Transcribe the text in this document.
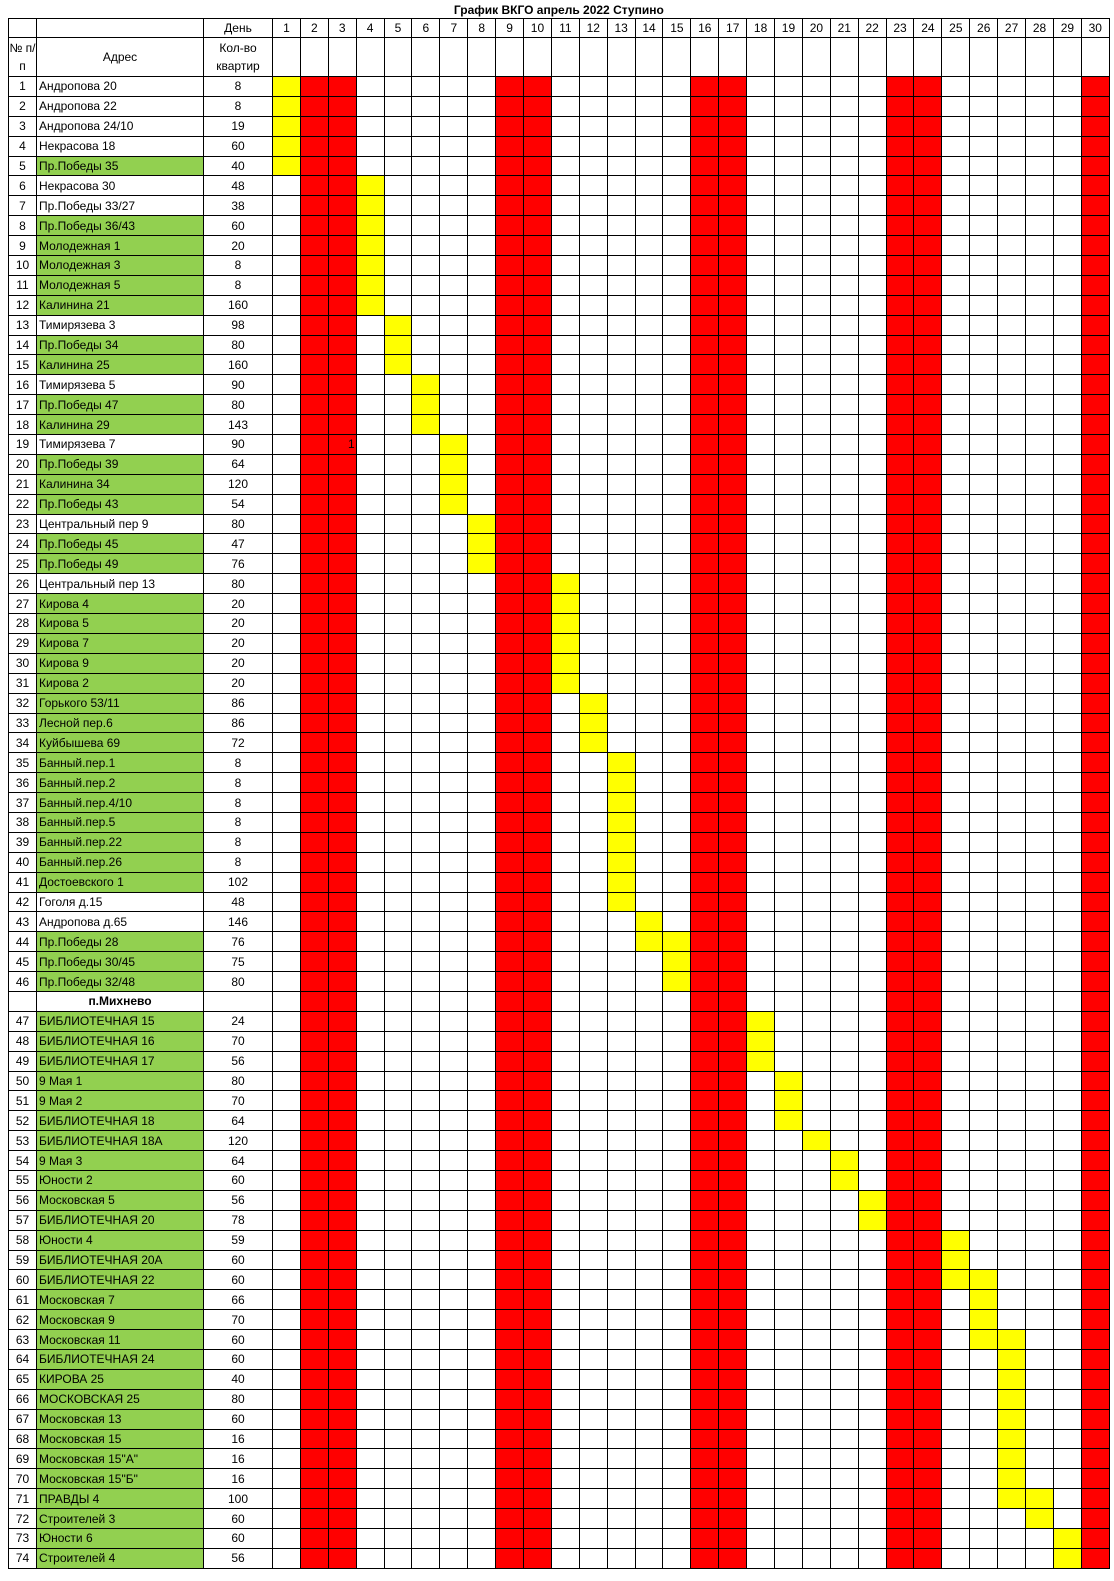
График ВКГО апрель 2022 Ступино																																
		День	1	2	3	4	5	6	7	8	9	10	11	12	13	14	15	16	17	18	19	20	21	22	23	24	25	26	27	28	29	30
№ п/п	Адрес	Кол-во квартир																														
1	Андропова 20	8																														
2	Андропова 22	8																														
3	Андропова 24/10	19																														
4	Некрасова 18	60																														
5	Пр.Победы 35	40																														
6	Некрасова 30	48																														
7	Пр.Победы 33/27	38																														
8	Пр.Победы 36/43	60																														
9	Молодежная 1	20																														
10	Молодежная 3	8																														
11	Молодежная 5	8																														
12	Калинина 21	160																														
13	Тимирязева 3	98																														
14	Пр.Победы 34	80																														
15	Калинина 25	160																														
16	Тимирязева 5	90																														
17	Пр.Победы 47	80																														
18	Калинина 29	143																														
19	Тимирязева 7	90			1																											
20	Пр.Победы 39	64																														
21	Калинина 34	120																														
22	Пр.Победы 43	54																														
23	Центральный пер 9	80																														
24	Пр.Победы 45	47																														
25	Пр.Победы 49	76																														
26	Центральный пер 13	80																														
27	Кирова 4	20																														
28	Кирова 5	20																														
29	Кирова 7	20																														
30	Кирова 9	20																														
31	Кирова 2	20																														
32	Горького 53/11	86																														
33	Лесной пер.6	86																														
34	Куйбышева 69	72																														
35	Банный.пер.1	8																														
36	Банный.пер.2	8																														
37	Банный.пер.4/10	8																														
38	Банный.пер.5	8																														
39	Банный.пер.22	8																														
40	Банный.пер.26	8																														
41	Достоевского 1	102																														
42	Гоголя д.15	48																														
43	Андропова д.65	146																														
44	Пр.Победы 28	76																														
45	Пр.Победы 30/45	75																														
46	Пр.Победы 32/48	80																														
	п.Михнево																															
47	БИБЛИОТЕЧНАЯ 15	24																														
48	БИБЛИОТЕЧНАЯ 16	70																														
49	БИБЛИОТЕЧНАЯ 17	56																														
50	9 Мая 1	80																														
51	9 Мая 2	70																														
52	БИБЛИОТЕЧНАЯ 18	64																														
53	БИБЛИОТЕЧНАЯ 18А	120																														
54	9 Мая 3	64																														
55	Юности 2	60																														
56	Московская 5	56																														
57	БИБЛИОТЕЧНАЯ 20	78																														
58	Юности 4	59																														
59	БИБЛИОТЕЧНАЯ 20А	60																														
60	БИБЛИОТЕЧНАЯ 22	60																														
61	Московская 7	66																														
62	Московская 9	70																														
63	Московская 11	60																														
64	БИБЛИОТЕЧНАЯ 24	60																														
65	КИРОВА 25	40																														
66	МОСКОВСКАЯ 25	80																														
67	Московская 13	60																														
68	Московская 15	16																														
69	Московская 15"А"	16																														
70	Московская 15"Б"	16																														
71	ПРАВДЫ 4	100																														
72	Строителей 3	60																														
73	Юности 6	60																														
74	Строителей 4	56																														
